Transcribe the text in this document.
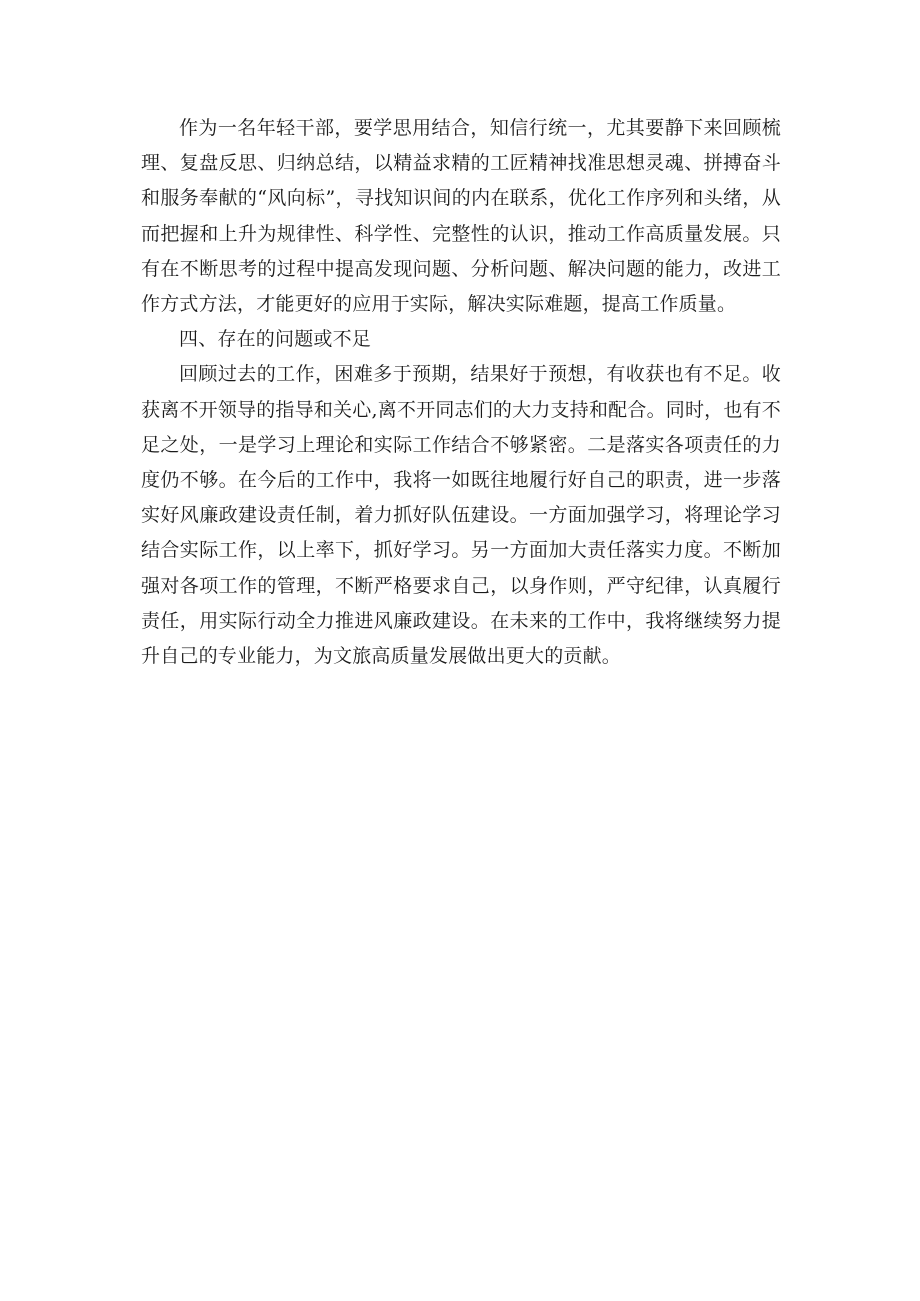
作为一名年轻干部，要学思用结合，知信行统一，尤其要静下来回顾梳理、复盘反思、归纳总结，以精益求精的工匠精神找准思想灵魂、拼搏奋斗和服务奉献的“风向标”，寻找知识间的内在联系，优化工作序列和头绪，从而把握和上升为规律性、科学性、完整性的认识，推动工作高质量发展。只有在不断思考的过程中提高发现问题、分析问题、解决问题的能力，改进工作方式方法，才能更好的应用于实际，解决实际难题，提高工作质量。

四、存在的问题或不足

回顾过去的工作，困难多于预期，结果好于预想，有收获也有不足。收获离不开领导的指导和关心,离不开同志们的大力支持和配合。同时，也有不足之处，一是学习上理论和实际工作结合不够紧密。二是落实各项责任的力度仍不够。在今后的工作中，我将一如既往地履行好自己的职责，进一步落实好风廉政建设责任制，着力抓好队伍建设。一方面加强学习，将理论学习结合实际工作，以上率下，抓好学习。另一方面加大责任落实力度。不断加强对各项工作的管理，不断严格要求自己，以身作则，严守纪律，认真履行责任，用实际行动全力推进风廉政建设。在未来的工作中，我将继续努力提升自己的专业能力，为文旅高质量发展做出更大的贡献。
